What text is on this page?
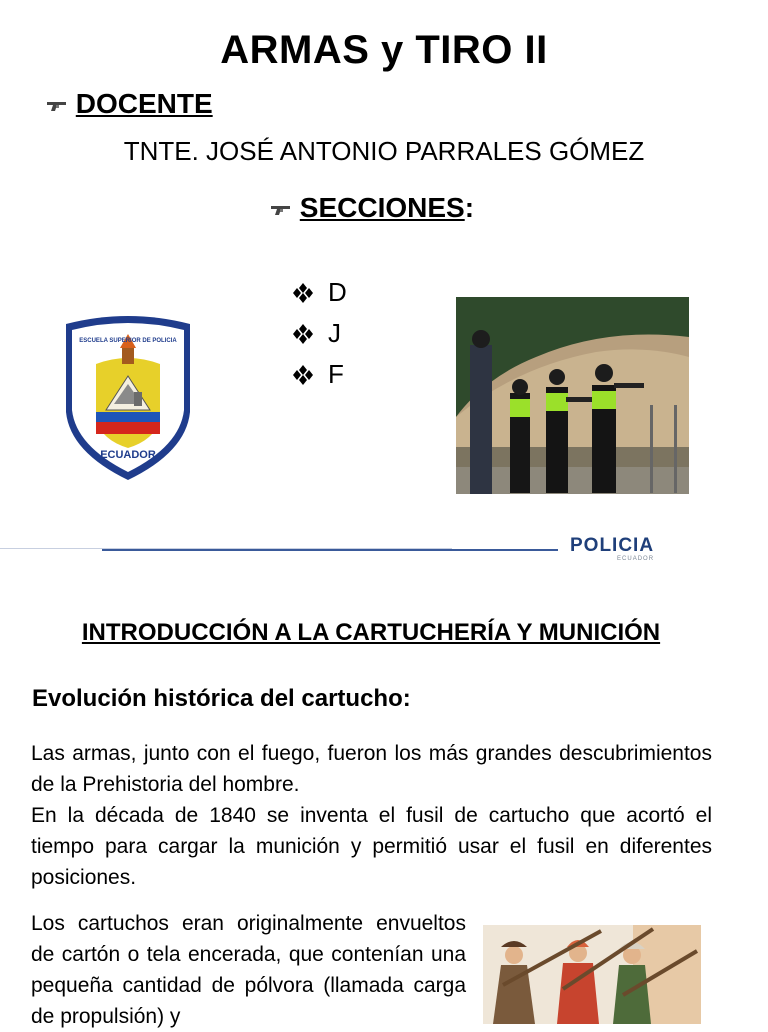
ARMAS y TIRO II
DOCENTE
TNTE. JOSÉ ANTONIO PARRALES GÓMEZ
SECCIONES:
D
J
F
ESCUELA SUPERIOR DE POLICIA
ECUADOR
POLICIA
ECUADOR
INTRODUCCIÓN A LA CARTUCHERÍA Y MUNICIÓN
Evolución histórica del cartucho:

Las armas, junto con el fuego, fueron los más grandes descubrimientos de la Prehistoria del hombre.

En la década de 1840 se inventa el fusil de cartucho que acortó el tiempo para cargar la munición y permitió usar el fusil en diferentes posiciones.

Los cartuchos eran originalmente envueltos de cartón o tela encerada, que contenían una pequeña cantidad de pólvora (llamada carga de propulsión) y
